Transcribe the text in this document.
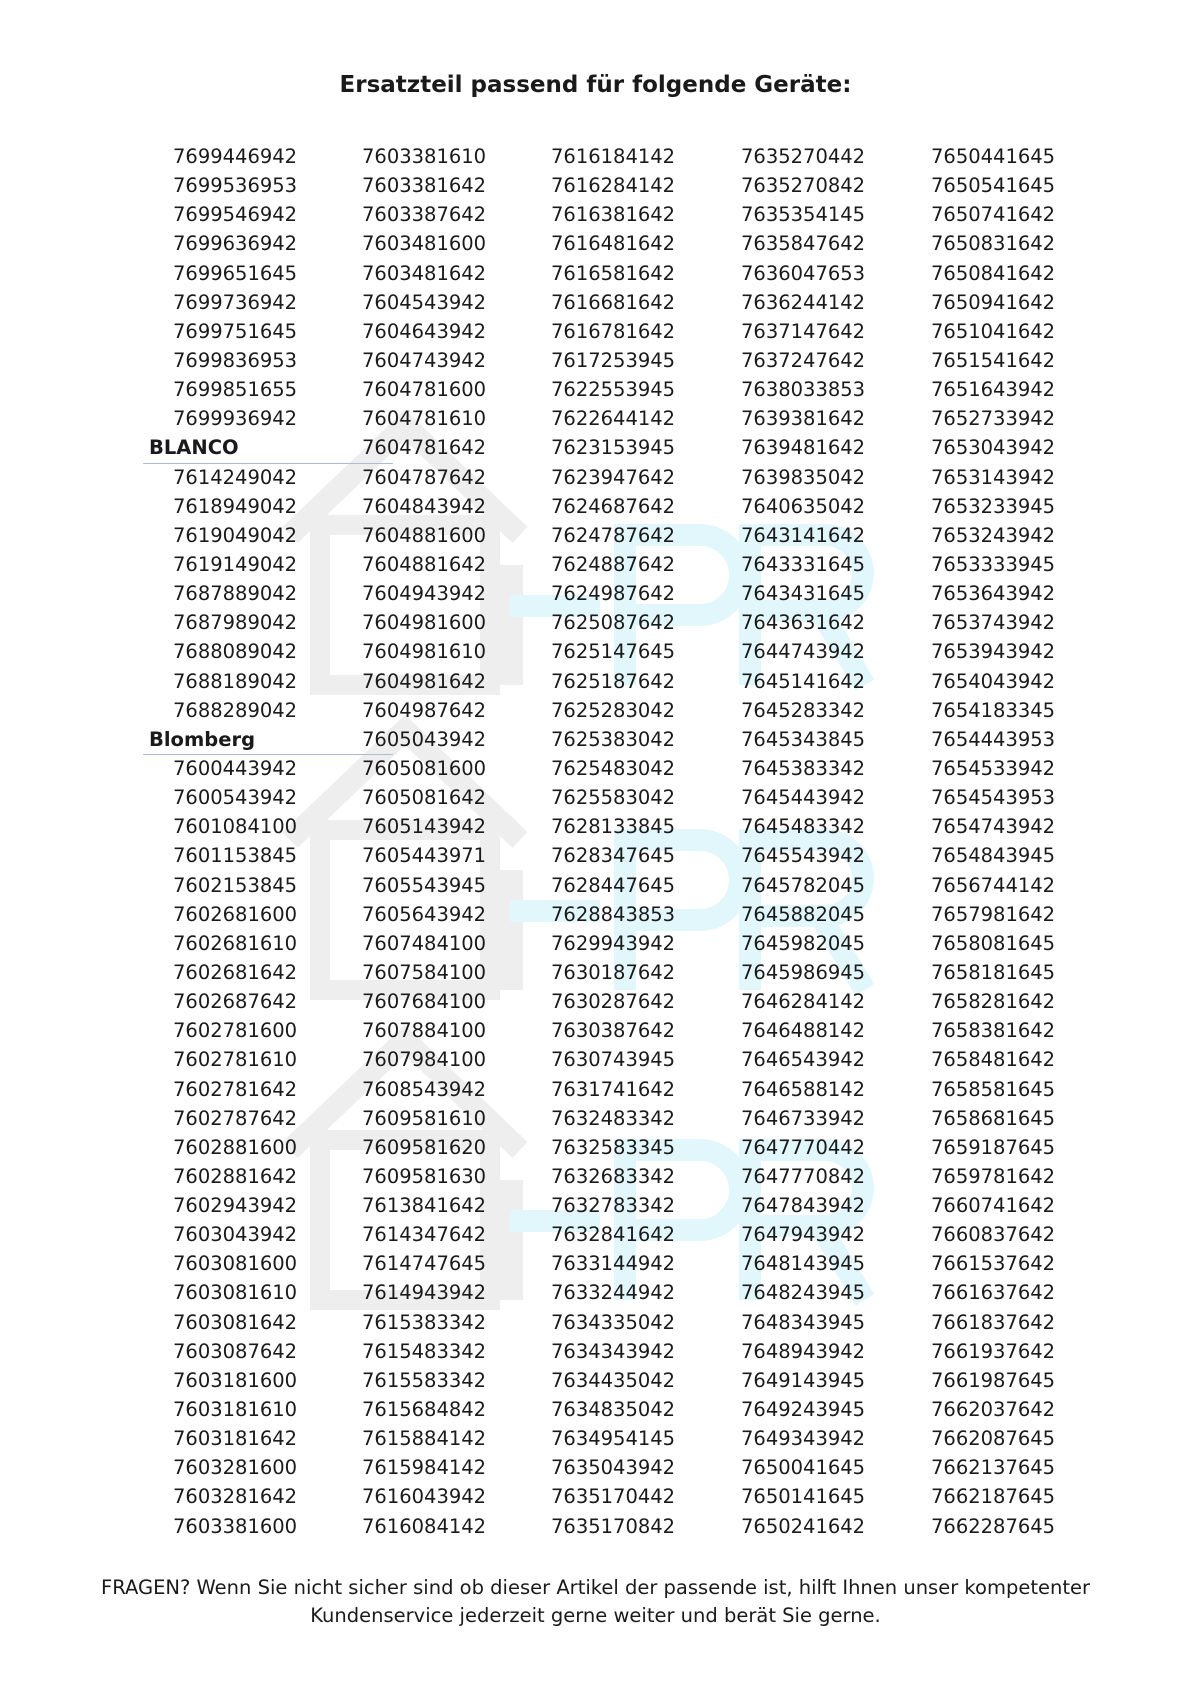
Ersatzteil passend für folgende Geräte:
7699446942
7699536953
7699546942
7699636942
7699651645
7699736942
7699751645
7699836953
7699851655
7699936942
BLANCO
7614249042
7618949042
7619049042
7619149042
7687889042
7687989042
7688089042
7688189042
7688289042
Blomberg
7600443942
7600543942
7601084100
7601153845
7602153845
7602681600
7602681610
7602681642
7602687642
7602781600
7602781610
7602781642
7602787642
7602881600
7602881642
7602943942
7603043942
7603081600
7603081610
7603081642
7603087642
7603181600
7603181610
7603181642
7603281600
7603281642
7603381600
7603381610
7603381642
7603387642
7603481600
7603481642
7604543942
7604643942
7604743942
7604781600
7604781610
7604781642
7604787642
7604843942
7604881600
7604881642
7604943942
7604981600
7604981610
7604981642
7604987642
7605043942
7605081600
7605081642
7605143942
7605443971
7605543945
7605643942
7607484100
7607584100
7607684100
7607884100
7607984100
7608543942
7609581610
7609581620
7609581630
7613841642
7614347642
7614747645
7614943942
7615383342
7615483342
7615583342
7615684842
7615884142
7615984142
7616043942
7616084142
7616184142
7616284142
7616381642
7616481642
7616581642
7616681642
7616781642
7617253945
7622553945
7622644142
7623153945
7623947642
7624687642
7624787642
7624887642
7624987642
7625087642
7625147645
7625187642
7625283042
7625383042
7625483042
7625583042
7628133845
7628347645
7628447645
7628843853
7629943942
7630187642
7630287642
7630387642
7630743945
7631741642
7632483342
7632583345
7632683342
7632783342
7632841642
7633144942
7633244942
7634335042
7634343942
7634435042
7634835042
7634954145
7635043942
7635170442
7635170842
7635270442
7635270842
7635354145
7635847642
7636047653
7636244142
7637147642
7637247642
7638033853
7639381642
7639481642
7639835042
7640635042
7643141642
7643331645
7643431645
7643631642
7644743942
7645141642
7645283342
7645343845
7645383342
7645443942
7645483342
7645543942
7645782045
7645882045
7645982045
7645986945
7646284142
7646488142
7646543942
7646588142
7646733942
7647770442
7647770842
7647843942
7647943942
7648143945
7648243945
7648343945
7648943942
7649143945
7649243945
7649343942
7650041645
7650141645
7650241642
7650441645
7650541645
7650741642
7650831642
7650841642
7650941642
7651041642
7651541642
7651643942
7652733942
7653043942
7653143942
7653233945
7653243942
7653333945
7653643942
7653743942
7653943942
7654043942
7654183345
7654443953
7654533942
7654543953
7654743942
7654843945
7656744142
7657981642
7658081645
7658181645
7658281642
7658381642
7658481642
7658581645
7658681645
7659187645
7659781642
7660741642
7660837642
7661537642
7661637642
7661837642
7661937642
7661987645
7662037642
7662087645
7662137645
7662187645
7662287645

FRAGEN? Wenn Sie nicht sicher sind ob dieser Artikel der passende ist, hilft Ihnen unser kompetenter
Kundenservice jederzeit gerne weiter und berät Sie gerne.
